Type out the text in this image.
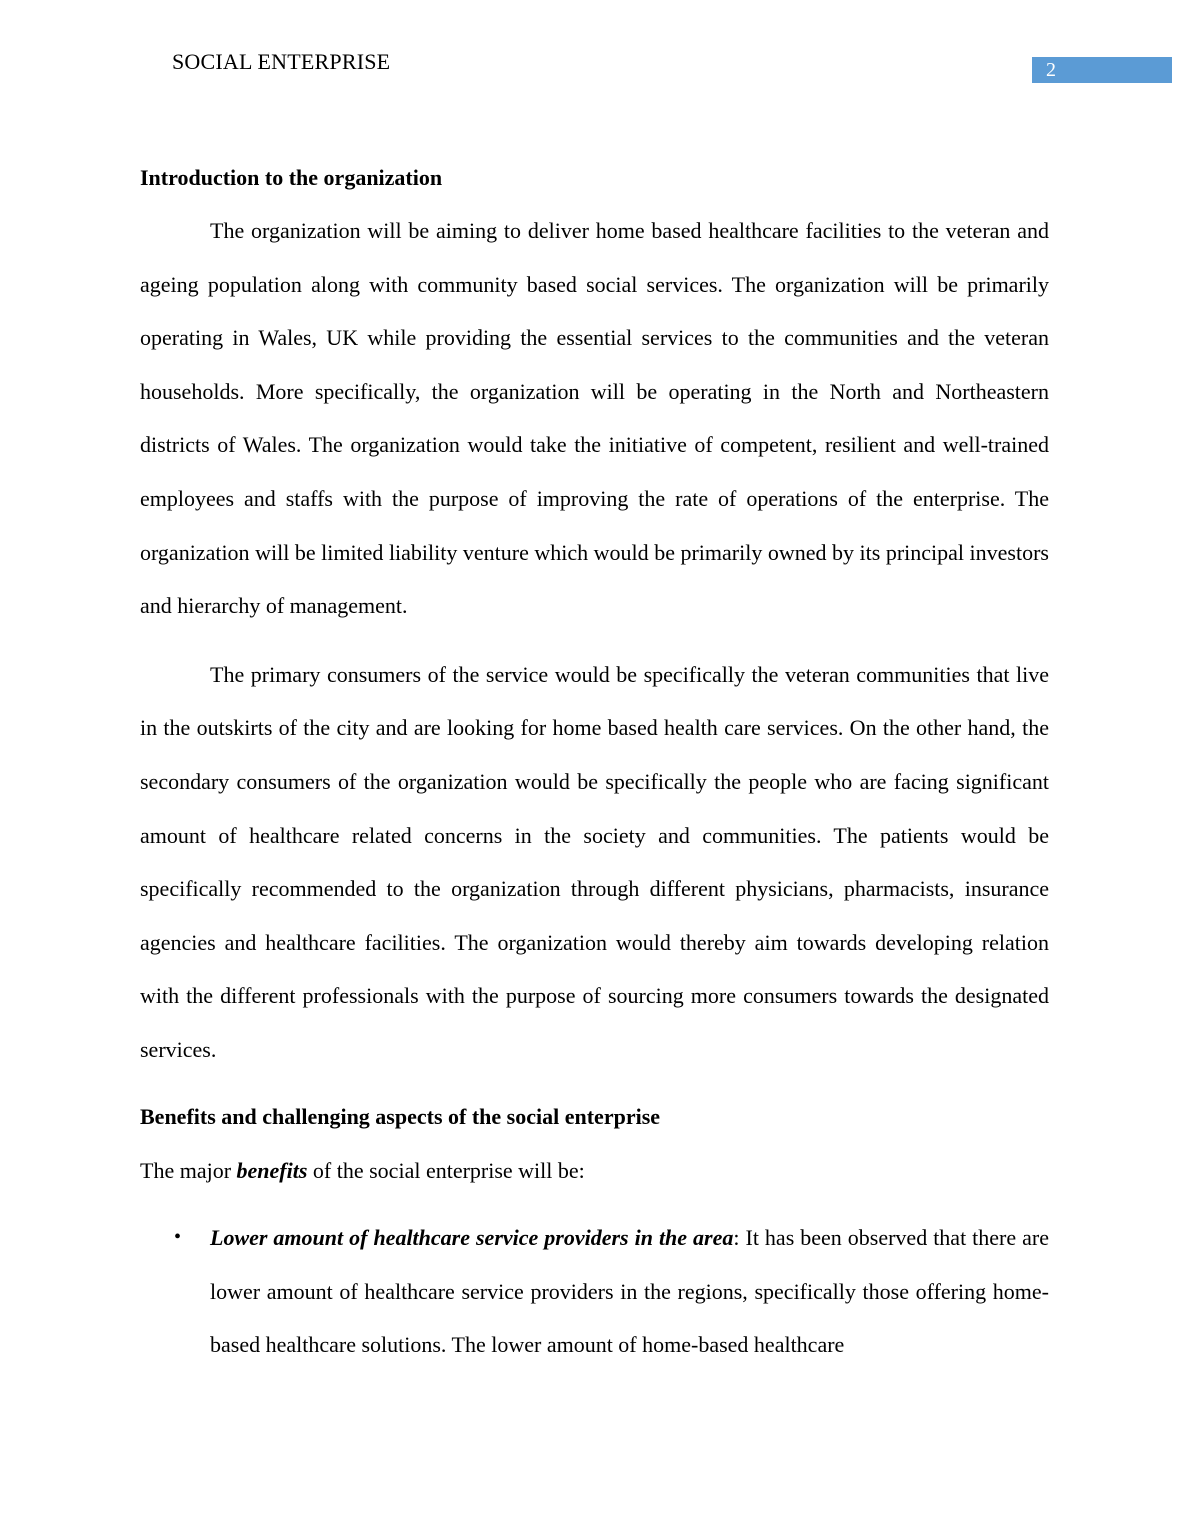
SOCIAL ENTERPRISE	2
Introduction to the organization

The organization will be aiming to deliver home based healthcare facilities to the veteran and ageing population along with community based social services. The organization will be primarily operating in Wales, UK while providing the essential services to the communities and the veteran households. More specifically, the organization will be operating in the North and Northeastern districts of Wales. The organization would take the initiative of competent, resilient and well-trained employees and staffs with the purpose of improving the rate of operations of the enterprise. The organization will be limited liability venture which would be primarily owned by its principal investors and hierarchy of management.

The primary consumers of the service would be specifically the veteran communities that live in the outskirts of the city and are looking for home based health care services. On the other hand, the secondary consumers of the organization would be specifically the people who are facing significant amount of healthcare related concerns in the society and communities. The patients would be specifically recommended to the organization through different physicians, pharmacists, insurance agencies and healthcare facilities. The organization would thereby aim towards developing relation with the different professionals with the purpose of sourcing more consumers towards the designated services.

Benefits and challenging aspects of the social enterprise

The major benefits of the social enterprise will be:

• Lower amount of healthcare service providers in the area: It has been observed that there are lower amount of healthcare service providers in the regions, specifically those offering home-based healthcare solutions. The lower amount of home-based healthcare
